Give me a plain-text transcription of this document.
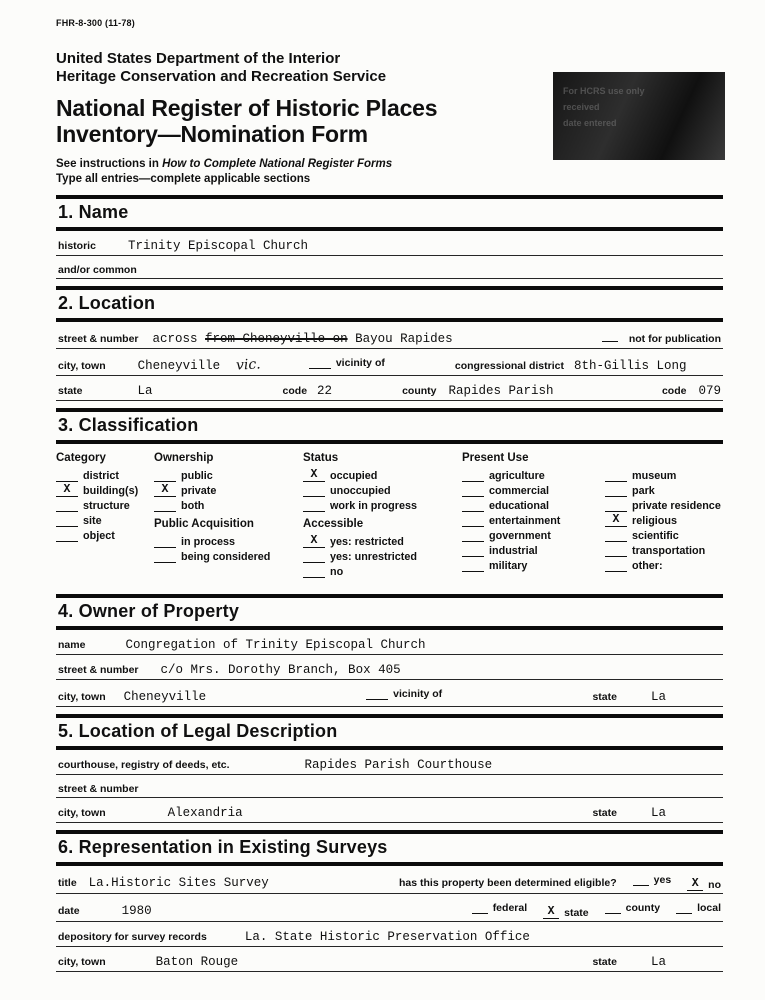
FHR-8-300 (11-78)
United States Department of the Interior
Heritage Conservation and Recreation Service
National Register of Historic Places
Inventory—Nomination Form
See instructions in How to Complete National Register Forms
Type all entries—complete applicable sections
For HCRS use only
received
date entered
1. Name
historic	Trinity Episcopal Church
and/or common
2. Location
street & number across from Cheneyville on Bayou Rapides	not for publication
city, town	Cheneyville vic.	vicinity of	congressional district 8th-Gillis Long
state	La	code 22	county Rapides Parish	code 079
3. Classification
Category
district
X	building(s)
structure
site
object
Ownership
public
X	private
both
Public Acquisition
in process
being considered
Status
X	occupied
unoccupied
work in progress
Accessible
X	yes: restricted
yes: unrestricted
no
Present Use
agriculture
commercial
educational
entertainment
government
industrial
military
museum
park
private residence
X	religious
scientific
transportation
other:
4. Owner of Property
name	Congregation of Trinity Episcopal Church
street & number c/o Mrs. Dorothy Branch, Box 405
city, town Cheneyville	vicinity of	state	La
5. Location of Legal Description
courthouse, registry of deeds, etc.	Rapides Parish Courthouse
street & number
city, town	Alexandria	state	La
6. Representation in Existing Surveys
title La.Historic Sites Survey	has this property been determined eligible?	yes	X no
date	1980	federal	X state	county	local
depository for survey records	La. State Historic Preservation Office
city, town	Baton Rouge	state	La
